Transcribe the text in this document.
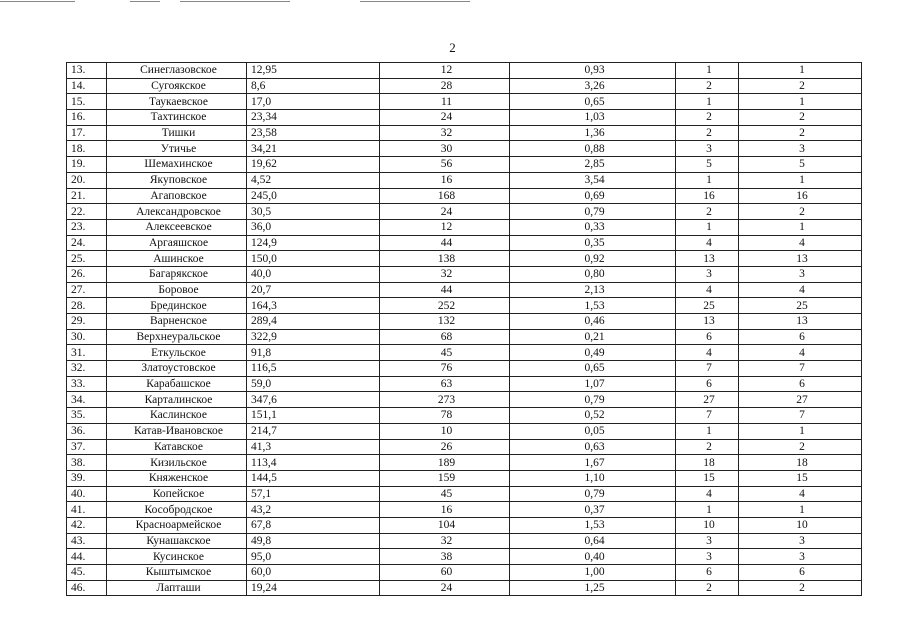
2
13.	Синеглазовское	12,95	12	0,93	1	1
14.	Сугоякское	8,6	28	3,26	2	2
15.	Таукаевское	17,0	11	0,65	1	1
16.	Тахтинское	23,34	24	1,03	2	2
17.	Тишки	23,58	32	1,36	2	2
18.	Утичье	34,21	30	0,88	3	3
19.	Шемахинское	19,62	56	2,85	5	5
20.	Якуповское	4,52	16	3,54	1	1
21.	Агаповское	245,0	168	0,69	16	16
22.	Александровское	30,5	24	0,79	2	2
23.	Алексеевское	36,0	12	0,33	1	1
24.	Аргаяшское	124,9	44	0,35	4	4
25.	Ашинское	150,0	138	0,92	13	13
26.	Багарякское	40,0	32	0,80	3	3
27.	Боровое	20,7	44	2,13	4	4
28.	Брединское	164,3	252	1,53	25	25
29.	Варненское	289,4	132	0,46	13	13
30.	Верхнеуральское	322,9	68	0,21	6	6
31.	Еткульское	91,8	45	0,49	4	4
32.	Златоустовское	116,5	76	0,65	7	7
33.	Карабашское	59,0	63	1,07	6	6
34.	Карталинское	347,6	273	0,79	27	27
35.	Каслинское	151,1	78	0,52	7	7
36.	Катав-Ивановское	214,7	10	0,05	1	1
37.	Катавское	41,3	26	0,63	2	2
38.	Кизильское	113,4	189	1,67	18	18
39.	Княженское	144,5	159	1,10	15	15
40.	Копейское	57,1	45	0,79	4	4
41.	Кособродское	43,2	16	0,37	1	1
42.	Красноармейское	67,8	104	1,53	10	10
43.	Кунашакское	49,8	32	0,64	3	3
44.	Кусинское	95,0	38	0,40	3	3
45.	Кыштымское	60,0	60	1,00	6	6
46.	Лапташи	19,24	24	1,25	2	2
